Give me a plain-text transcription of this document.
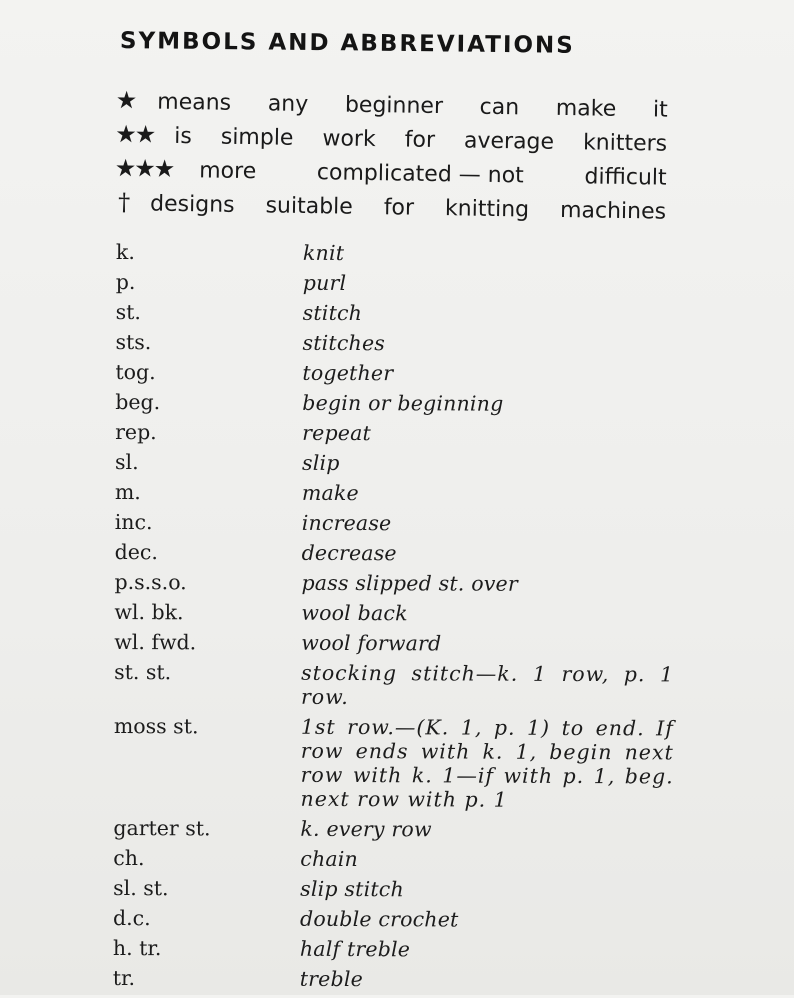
SYMBOLS AND ABBREVIATIONS
★ means any beginner can make it
★★ is simple work for average knitters
★★★ more	complicated — not	difficult
† designs suitable for knitting machines
k.	knit
p.	purl
st.	stitch
sts.	stitches
tog.	together
beg.	begin or beginning
rep.	repeat
sl.	slip
m.	make
inc.	increase
dec.	decrease
p.s.s.o.	pass slipped st. over
wl. bk.	wool back
wl. fwd.	wool forward
st. st.	stocking stitch—k. 1 row, p. 1 row.
moss st.	1st row.—(K. 1, p. 1) to end. If row ends with k. 1, begin next row with k. 1—if with p. 1, beg. next row with p. 1
garter st.	k. every row
ch.	chain
sl. st.	slip stitch
d.c.	double crochet
h. tr.	half treble
tr.	treble
